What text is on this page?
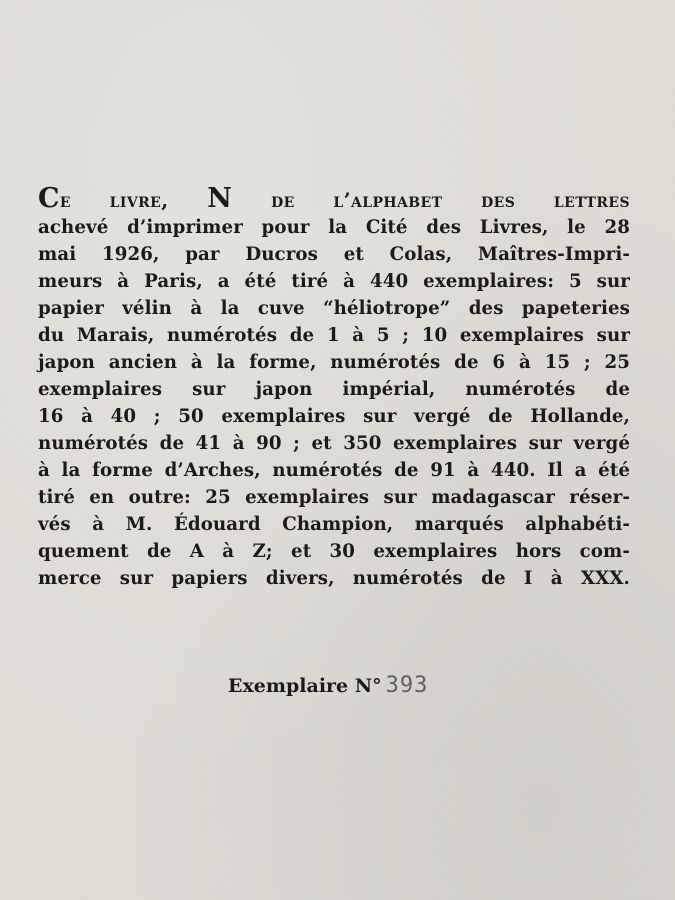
Ce livre, N de l’alphabet des lettres
achevé d’imprimer pour la Cité des Livres, le 28
mai 1926, par Ducros et Colas, Maîtres-Impri-
meurs à Paris, a été tiré à 440 exemplaires: 5 sur
papier vélin à la cuve “héliotrope” des papeteries
du Marais, numérotés de 1 à 5 ; 10 exemplaires sur
japon ancien à la forme, numérotés de 6 à 15 ; 25
exemplaires sur japon impérial, numérotés de
16 à 40 ; 50 exemplaires sur vergé de Hollande,
numérotés de 41 à 90 ; et 350 exemplaires sur vergé
à la forme d’Arches, numérotés de 91 à 440. Il a été
tiré en outre: 25 exemplaires sur madagascar réser-
vés à M. Édouard Champion, marqués alphabéti-
quement de A à Z; et 30 exemplaires hors com-
merce sur papiers divers, numérotés de I à XXX.
Exemplaire N° 393
